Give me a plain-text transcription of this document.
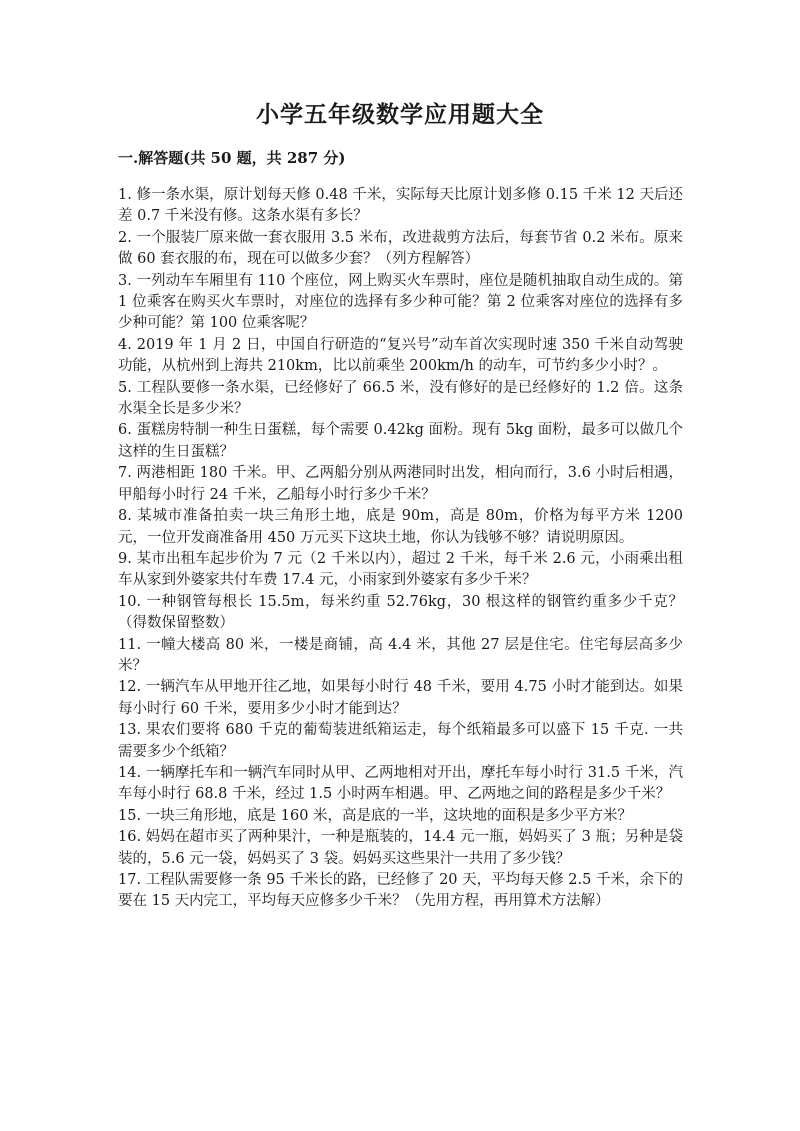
小学五年级数学应用题大全
一.解答题(共 50 题，共 287 分)
1. 修一条水渠，原计划每天修 0.48 千米，实际每天比原计划多修 0.15 千米 12 天后还差 0.7 千米没有修。这条水渠有多长？
2. 一个服装厂原来做一套衣服用 3.5 米布，改进裁剪方法后，每套节省 0.2 米布。原来做 60 套衣服的布，现在可以做多少套？（列方程解答）
3. 一列动车车厢里有 110 个座位，网上购买火车票时，座位是随机抽取自动生成的。第 1 位乘客在购买火车票时，对座位的选择有多少种可能？第 2 位乘客对座位的选择有多少种可能？第 100 位乘客呢？
4. 2019 年 1 月 2 日，中国自行研造的“复兴号”动车首次实现时速 350 千米自动驾驶功能，从杭州到上海共 210km，比以前乘坐 200km/h 的动车，可节约多少小时？。
5. 工程队要修一条水渠，已经修好了 66.5 米，没有修好的是已经修好的 1.2 倍。这条水渠全长是多少米？
6. 蛋糕房特制一种生日蛋糕，每个需要 0.42kg 面粉。现有 5kg 面粉，最多可以做几个这样的生日蛋糕？
7. 两港相距 180 千米。甲、乙两船分别从两港同时出发，相向而行，3.6 小时后相遇，甲船每小时行 24 千米，乙船每小时行多少千米？
8. 某城市准备拍卖一块三角形土地，底是 90m，高是 80m，价格为每平方米 1200 元，一位开发商准备用 450 万元买下这块土地，你认为钱够不够？请说明原因。
9. 某市出租车起步价为 7 元（2 千米以内），超过 2 千米，每千米 2.6 元，小雨乘出租车从家到外婆家共付车费 17.4 元，小雨家到外婆家有多少千米？
10. 一种钢管每根长 15.5m，每米约重 52.76kg，30 根这样的钢管约重多少千克？（得数保留整数）
11. 一幢大楼高 80 米，一楼是商铺，高 4.4 米，其他 27 层是住宅。住宅每层高多少米？
12. 一辆汽车从甲地开往乙地，如果每小时行 48 千米，要用 4.75 小时才能到达。如果每小时行 60 千米，要用多少小时才能到达？
13. 果农们要将 680 千克的葡萄装进纸箱运走，每个纸箱最多可以盛下 15 千克. 一共需要多少个纸箱？
14. 一辆摩托车和一辆汽车同时从甲、乙两地相对开出，摩托车每小时行 31.5 千米，汽车每小时行 68.8 千米，经过 1.5 小时两车相遇。甲、乙两地之间的路程是多少千米？
15. 一块三角形地，底是 160 米，高是底的一半，这块地的面积是多少平方米？
16. 妈妈在超市买了两种果汁，一种是瓶装的，14.4 元一瓶，妈妈买了 3 瓶；另种是袋装的，5.6 元一袋，妈妈买了 3 袋。妈妈买这些果汁一共用了多少钱？
17. 工程队需要修一条 95 千米长的路，已经修了 20 天，平均每天修 2.5 千米，余下的要在 15 天内完工，平均每天应修多少千米？（先用方程，再用算术方法解）
